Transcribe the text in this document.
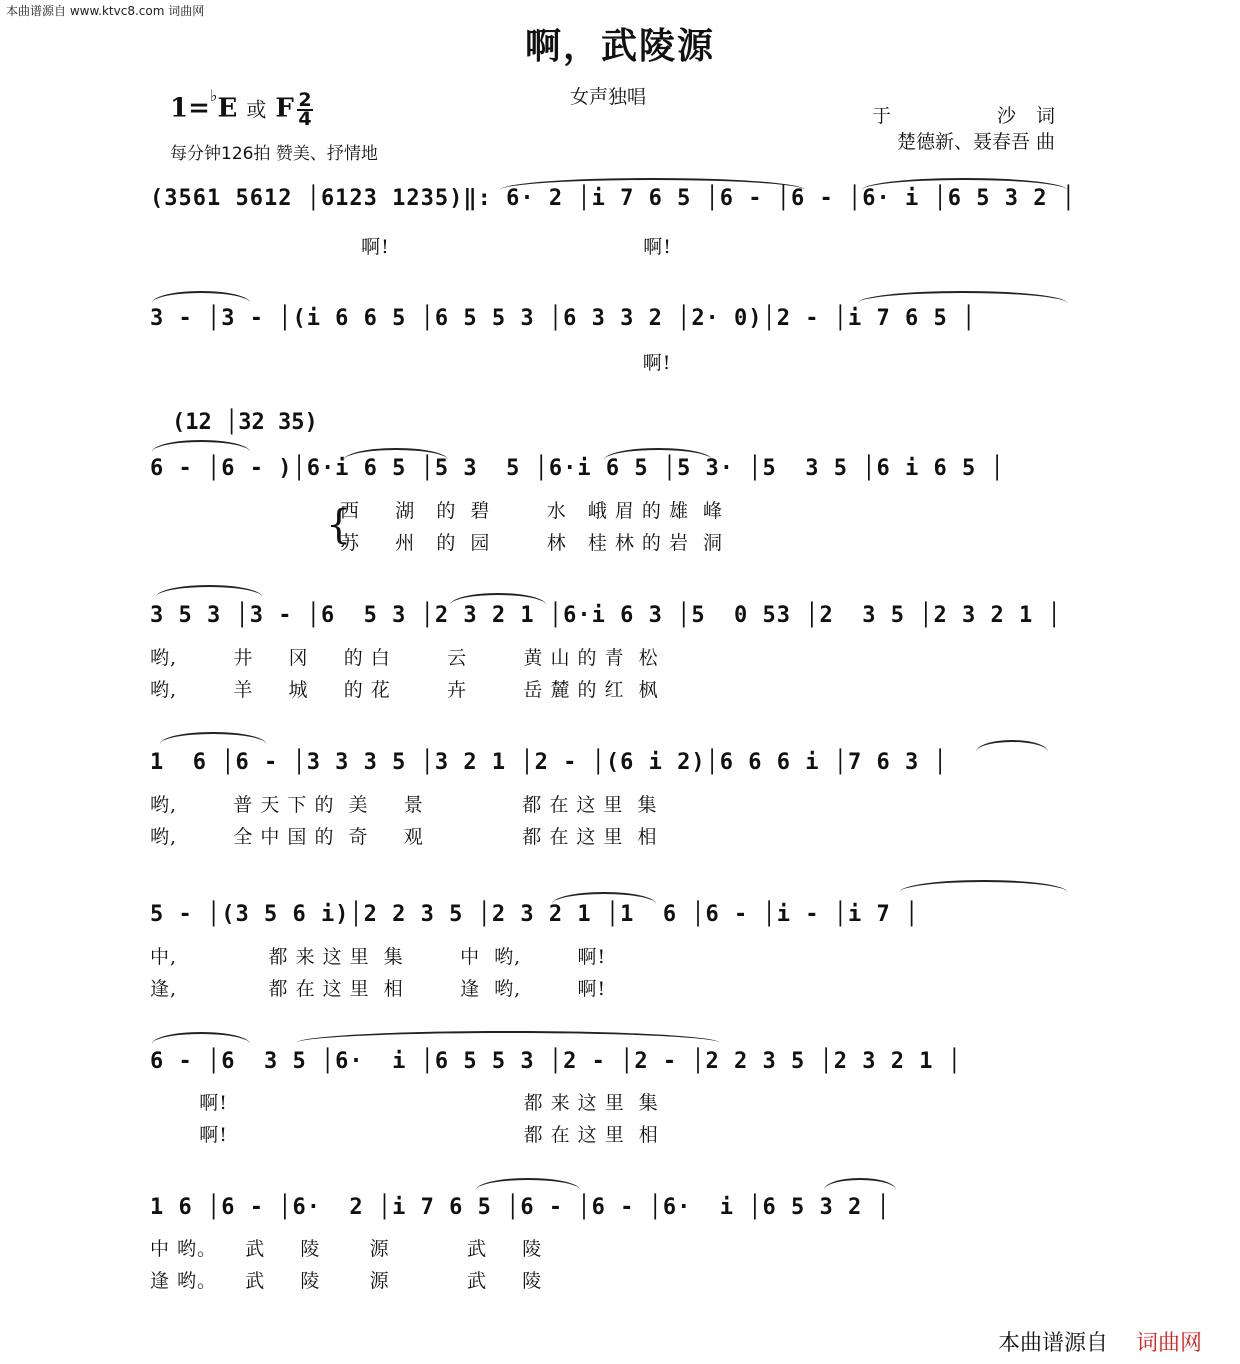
本曲谱源自 www.ktvc8.com 词曲网
啊，武陵源
女声独唱
1=♭E 或 F 2
4
每分钟126拍 赞美、抒情地
于	沙 词
楚德新、聂春吾 曲
(3561 5612 │6123 1235)‖: 6· 2 │i 7 6 5 │6 - │6 - │6· i │6 5 3 2 │
啊!                                    啊!
3 - │3 - │(i 6 6 5 │6 5 5 3 │6 3 3 2 │2· 0)│2 - │i 7 6 5 │
啊!
(12 │32 35)
6 - │6 - )│6·i 6 5 │5 3  5 │6·i 6 5 │5 3· │5  3 5 │6 i 6 5 │
{
西     湖   的  碧        水   峨 眉 的 雄  峰
苏     州   的  园        林   桂 林 的 岩  洞
3 5 3 │3 - │6  5 3 │2 3 2 1 │6·i 6 3 │5  0 53 │2  3 5 │2 3 2 1 │
哟,        井     冈     的 白        云        黄 山 的 青  松
哟,        羊     城     的 花        卉        岳 麓 的 红  枫
1  6 │6 - │3 3 3 5 │3 2 1 │2 - │(6 i 2)│6 6 6 i │7 6 3 │
哟,        普 天 下 的  美     景              都 在 这 里  集
哟,        全 中 国 的  奇     观              都 在 这 里  相
5 - │(3 5 6 i)│2 2 3 5 │2 3 2 1 │1  6 │6 - │i - │i 7 │
中,             都 来 这 里  集        中  哟,        啊!
逢,             都 在 这 里  相        逢  哟,        啊!
6 - │6  3 5 │6·  i │6 5 5 3 │2 - │2 - │2 2 3 5 │2 3 2 1 │
啊!                                          都 来 这 里  集
啊!                                          都 在 这 里  相
1 6 │6 - │6·  2 │i 7 6 5 │6 - │6 - │6·  i │6 5 3 2 │
中 哟。    武     陵       源           武     陵
逢 哟。    武     陵       源           武     陵
本曲谱源自 词曲网
